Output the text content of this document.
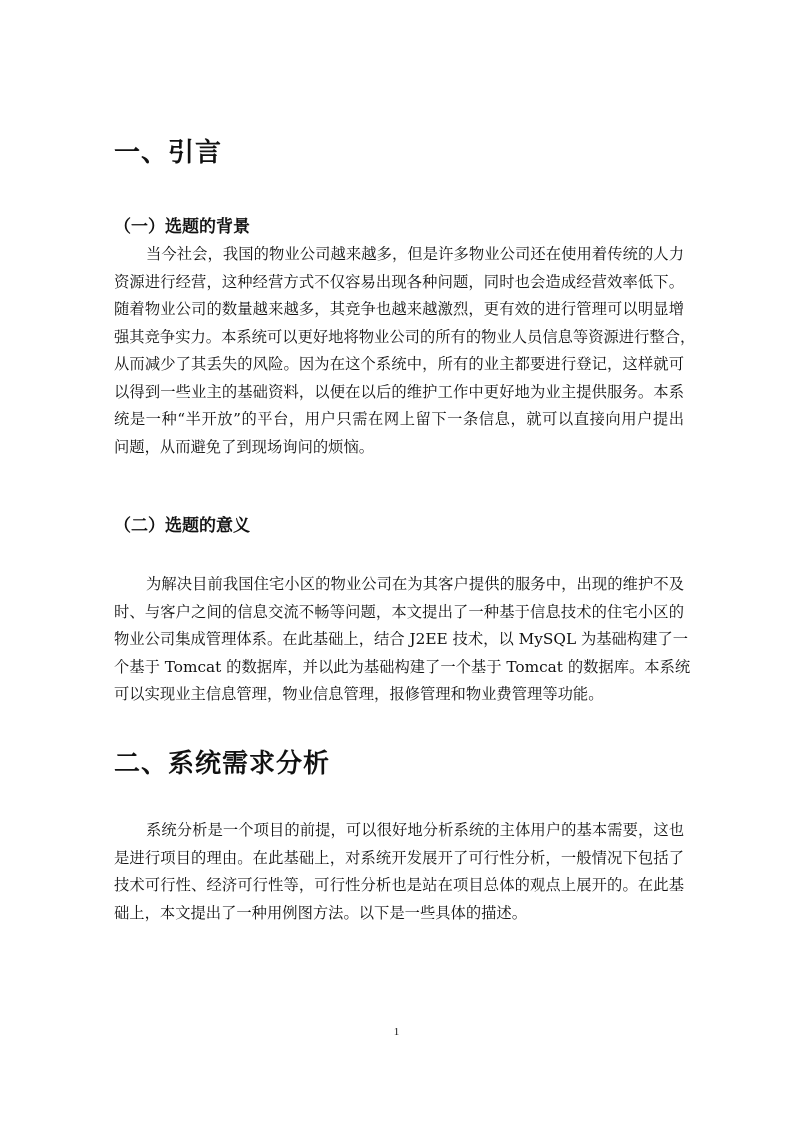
一、引言
（一）选题的背景
当今社会，我国的物业公司越来越多，但是许多物业公司还在使用着传统的人力
资源进行经营，这种经营方式不仅容易出现各种问题，同时也会造成经营效率低下。
随着物业公司的数量越来越多，其竞争也越来越激烈，更有效的进行管理可以明显增
强其竞争实力。本系统可以更好地将物业公司的所有的物业人员信息等资源进行整合，
从而减少了其丢失的风险。因为在这个系统中，所有的业主都要进行登记，这样就可
以得到一些业主的基础资料，以便在以后的维护工作中更好地为业主提供服务。本系
统是一种“半开放”的平台，用户只需在网上留下一条信息，就可以直接向用户提出
问题，从而避免了到现场询问的烦恼。
（二）选题的意义
为解决目前我国住宅小区的物业公司在为其客户提供的服务中，出现的维护不及
时、与客户之间的信息交流不畅等问题，本文提出了一种基于信息技术的住宅小区的
物业公司集成管理体系。在此基础上，结合 J2EE 技术，以 MySQL 为基础构建了一
个基于 Tomcat 的数据库，并以此为基础构建了一个基于 Tomcat 的数据库。本系统
可以实现业主信息管理，物业信息管理，报修管理和物业费管理等功能。
二、系统需求分析
系统分析是一个项目的前提，可以很好地分析系统的主体用户的基本需要，这也
是进行项目的理由。在此基础上，对系统开发展开了可行性分析，一般情况下包括了
技术可行性、经济可行性等，可行性分析也是站在项目总体的观点上展开的。在此基
础上，本文提出了一种用例图方法。以下是一些具体的描述。
1
